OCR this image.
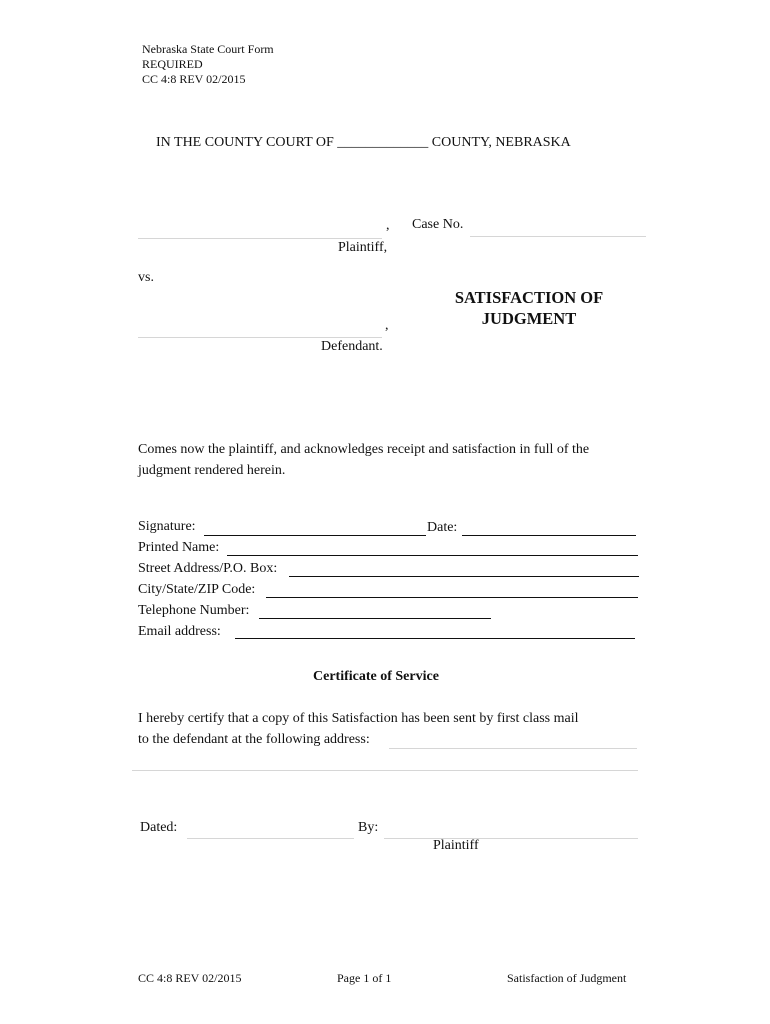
Nebraska State Court Form
REQUIRED
CC 4:8 REV 02/2015
IN THE COUNTY COURT OF _____________ COUNTY, NEBRASKA
, Case No.
Plaintiff,
vs.
SATISFACTION OF
JUDGMENT
,
Defendant.
Comes now the plaintiff, and acknowledges receipt and satisfaction in full of the
judgment rendered herein.
Signature:	Date:
Printed Name:
Street Address/P.O. Box:
City/State/ZIP Code:
Telephone Number:
Email address:
Certificate of Service
I hereby certify that a copy of this Satisfaction has been sent by first class mail
to the defendant at the following address:
Dated:	By:
Plaintiff
CC 4:8 REV 02/2015	Page 1 of 1	Satisfaction of Judgment
